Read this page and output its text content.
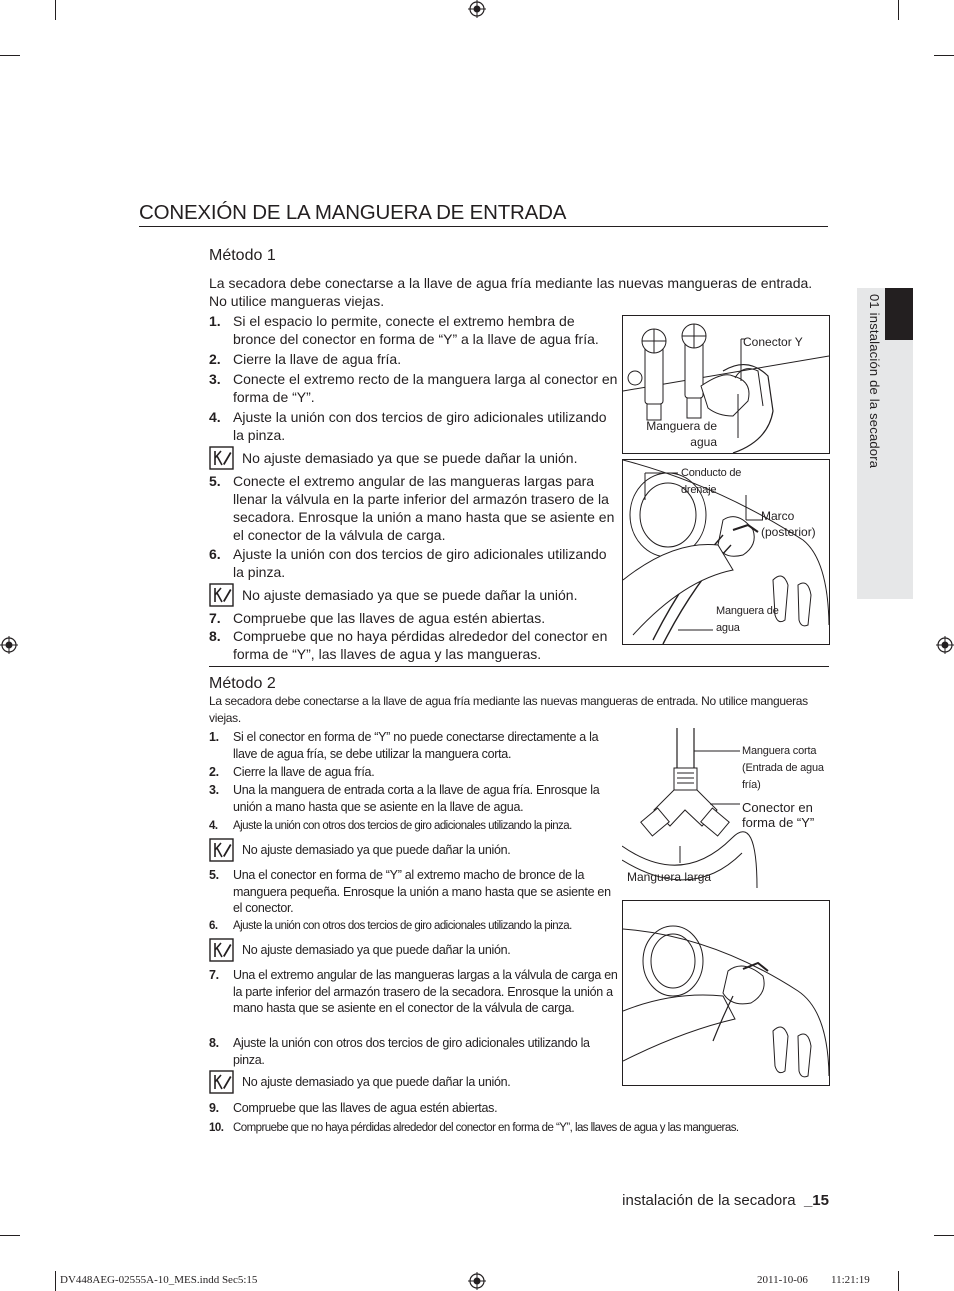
01 instalación de la secadora
CONEXIÓN DE LA MANGUERA DE ENTRADA
Método 1
La secadora debe conectarse a la llave de agua fría mediante las nuevas mangueras de entrada. No utilice mangueras viejas.
1. Si el espacio lo permite, conecte el extremo hembra de bronce del conector en forma de “Y” a la llave de agua fría.
2. Cierre la llave de agua fría.
3. Conecte el extremo recto de la manguera larga al conector en forma de “Y”.
4. Ajuste la unión con dos tercios de giro adicionales utilizando la pinza.
No ajuste demasiado ya que se puede dañar la unión.
5. Conecte el extremo angular de las mangueras largas para llenar la válvula en la parte inferior del armazón trasero de la secadora. Enrosque la unión a mano hasta que se asiente en el conector de la válvula de carga.
6. Ajuste la unión con dos tercios de giro adicionales utilizando la pinza.
No ajuste demasiado ya que se puede dañar la unión.
7. Compruebe que las llaves de agua estén abiertas.
8. Compruebe que no haya pérdidas alrededor del conector en forma de “Y”, las llaves de agua y las mangueras.
Conector Y
Manguera de agua
Conducto de drenaje
Marco (posterior)
Manguera de agua
Método 2
La secadora debe conectarse a la llave de agua fría mediante las nuevas mangueras de entrada. No utilice mangueras viejas.
1.	Si el conector en forma de “Y” no puede conectarse directamente a la llave de agua fría, se debe utilizar la manguera corta.
2.	Cierre la llave de agua fría.
3.	Una la manguera de entrada corta a la llave de agua fría. Enrosque la unión a mano hasta que se asiente en la llave de agua.
4.	Ajuste la unión con otros dos tercios de giro adicionales utilizando la pinza.
No ajuste demasiado ya que puede dañar la unión.
5.	Una el conector en forma de “Y” al extremo macho de bronce de la manguera pequeña. Enrosque la unión a mano hasta que se asiente en el conector.
6.	Ajuste la unión con otros dos tercios de giro adicionales utilizando la pinza.
No ajuste demasiado ya que puede dañar la unión.
7.	Una el extremo angular de las mangueras largas a la válvula de carga en la parte inferior del armazón trasero de la secadora. Enrosque la unión a mano hasta que se asiente en el conector de la válvula de carga.
8.	Ajuste la unión con otros dos tercios de giro adicionales utilizando la pinza.
No ajuste demasiado ya que puede dañar la unión.
9.	Compruebe que las llaves de agua estén abiertas.
10. Compruebe que no haya pérdidas alrededor del conector en forma de “Y”, las llaves de agua y las mangueras.
Manguera corta (Entrada de agua fría)
Conector en forma de “Y”
Manguera larga
instalación de la secadora _15
DV448AEG-02555A-10_MES.indd Sec5:15	2011-10-06 11:21:19
